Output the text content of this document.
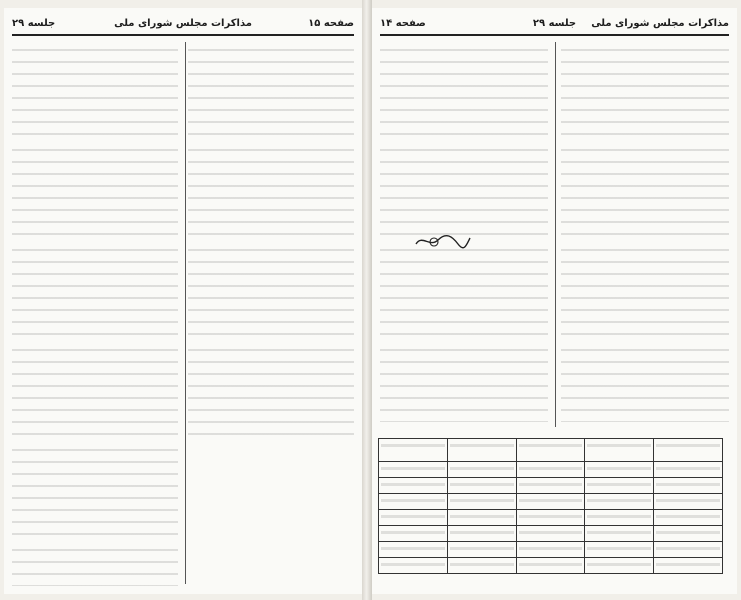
صفحه ۱۵
مذاکرات مجلس شورای ملی
جلسه ۲۹	مذاکرات مجلس شورای ملی
جلسه ۲۹
صفحه ۱۴
